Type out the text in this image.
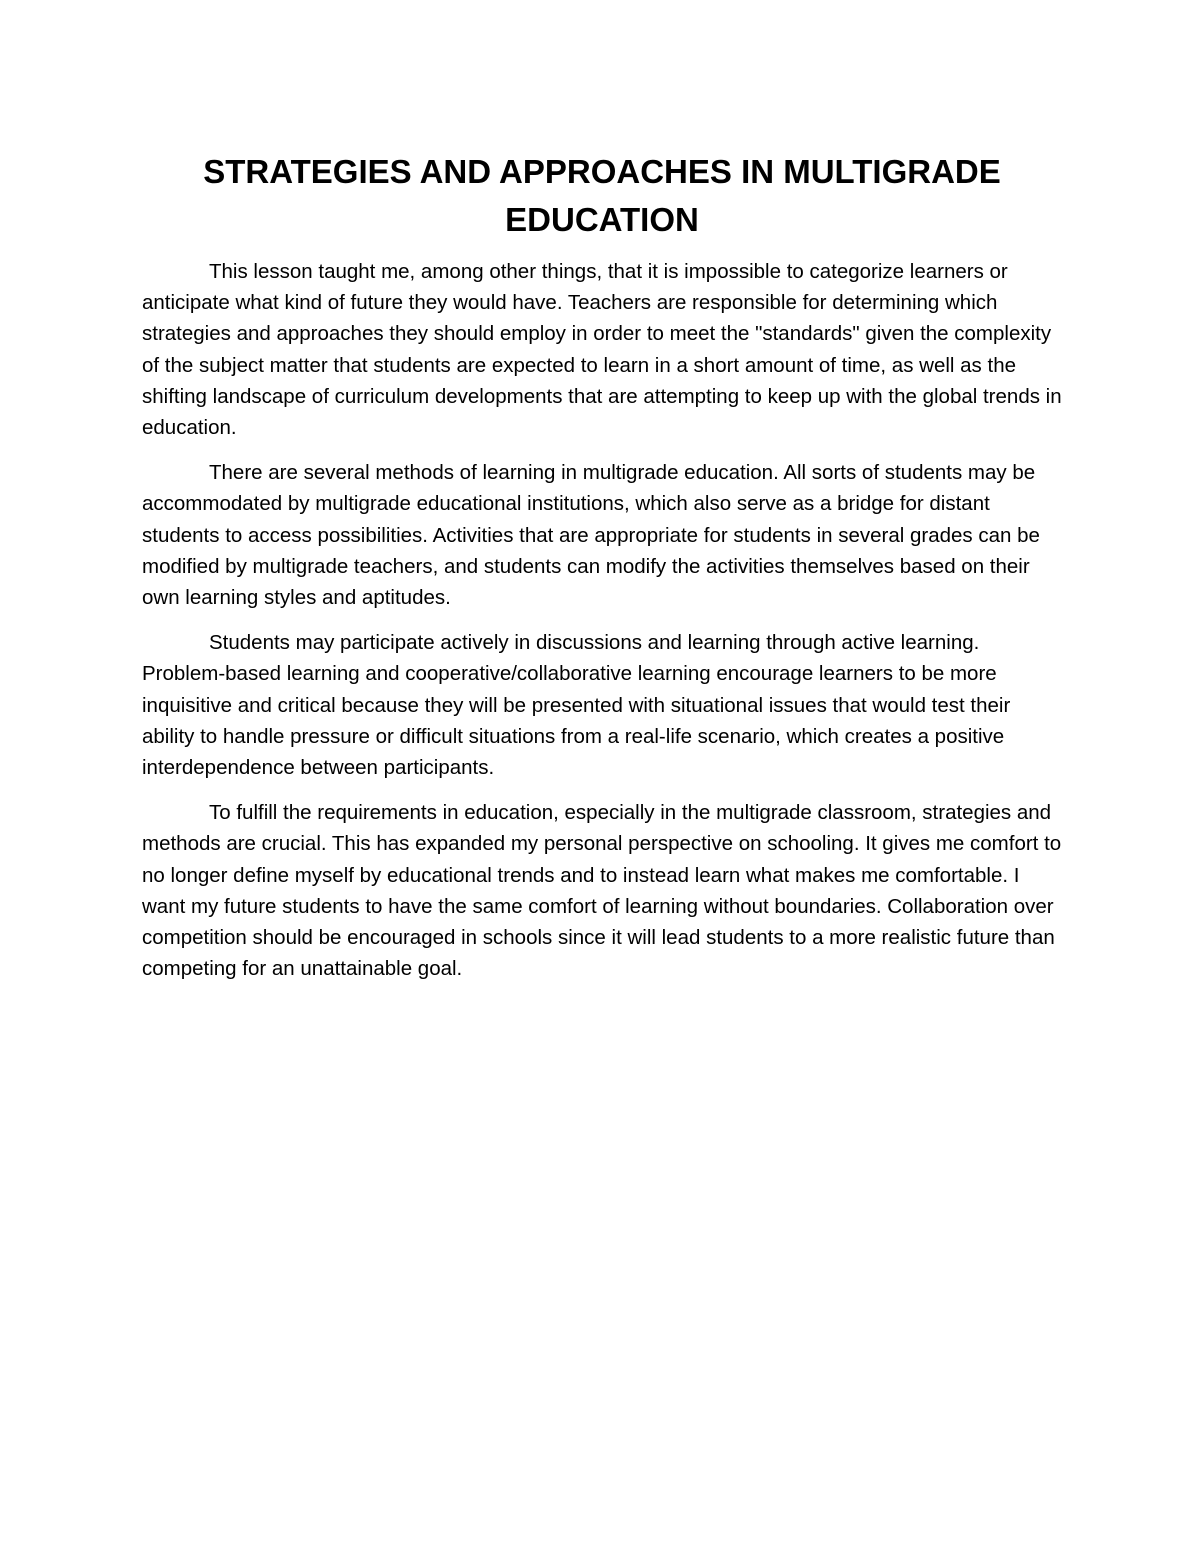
STRATEGIES AND APPROACHES IN MULTIGRADE EDUCATION

This lesson taught me, among other things, that it is impossible to categorize learners or anticipate what kind of future they would have. Teachers are responsible for determining which strategies and approaches they should employ in order to meet the "standards" given the complexity of the subject matter that students are expected to learn in a short amount of time, as well as the shifting landscape of curriculum developments that are attempting to keep up with the global trends in education.

There are several methods of learning in multigrade education. All sorts of students may be accommodated by multigrade educational institutions, which also serve as a bridge for distant students to access possibilities. Activities that are appropriate for students in several grades can be modified by multigrade teachers, and students can modify the activities themselves based on their own learning styles and aptitudes.

Students may participate actively in discussions and learning through active learning. Problem-based learning and cooperative/collaborative learning encourage learners to be more inquisitive and critical because they will be presented with situational issues that would test their ability to handle pressure or difficult situations from a real-life scenario, which creates a positive interdependence between participants.

To fulfill the requirements in education, especially in the multigrade classroom, strategies and methods are crucial. This has expanded my personal perspective on schooling. It gives me comfort to no longer define myself by educational trends and to instead learn what makes me comfortable. I want my future students to have the same comfort of learning without boundaries. Collaboration over competition should be encouraged in schools since it will lead students to a more realistic future than competing for an unattainable goal.
